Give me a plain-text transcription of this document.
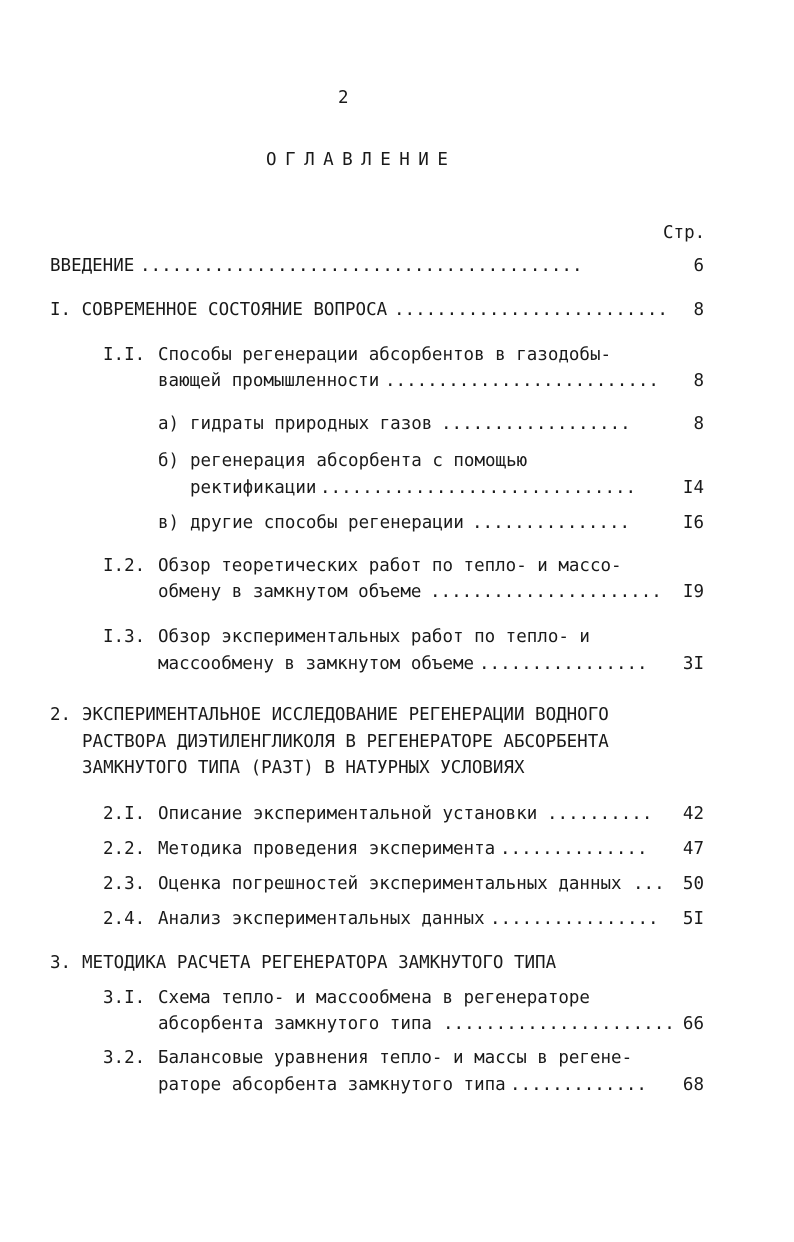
2
ОГЛАВЛЕНИЕ
Стр.
ВВЕДЕНИЕ ..........................................	6
I. СОВРЕМЕННОЕ СОСТОЯНИЕ ВОПРОСА .......................... 8
I.I. Способы регенерации абсорбентов в газодобы-
вающей промышленности .......................... 8
а) гидраты природных газов ..................	8
б) регенерация абсорбента с помощью
ректификации ..............................	I4
в) другие способы регенерации ...............	I6
I.2. Обзор теоретических работ по тепло- и массо-
обмену в замкнутом объеме ...................... I9
I.3. Обзор экспериментальных работ по тепло- и
массообмену в замкнутом объеме ................ 3I
2. ЭКСПЕРИМЕНТАЛЬНОЕ ИССЛЕДОВАНИЕ РЕГЕНЕРАЦИИ ВОДНОГО
РАСТВОРА ДИЭТИЛЕНГЛИКОЛЯ В РЕГЕНЕРАТОРЕ АБСОРБЕНТА
ЗАМКНУТОГО ТИПА (РАЗТ) В НАТУРНЫХ УСЛОВИЯХ
2.I. Описание экспериментальной установки .......... 42
2.2. Методика проведения эксперимента .............. 47
2.3. Оценка погрешностей экспериментальных данных ... 50
2.4. Анализ экспериментальных данных ................ 5I
3. МЕТОДИКА РАСЧЕТА РЕГЕНЕРАТОРА ЗАМКНУТОГО ТИПА
3.I. Схема тепло- и массообмена в регенераторе
абсорбента замкнутого типа ...................... 66
3.2. Балансовые уравнения тепло- и массы в регене-
раторе абсорбента замкнутого типа ............. 68
